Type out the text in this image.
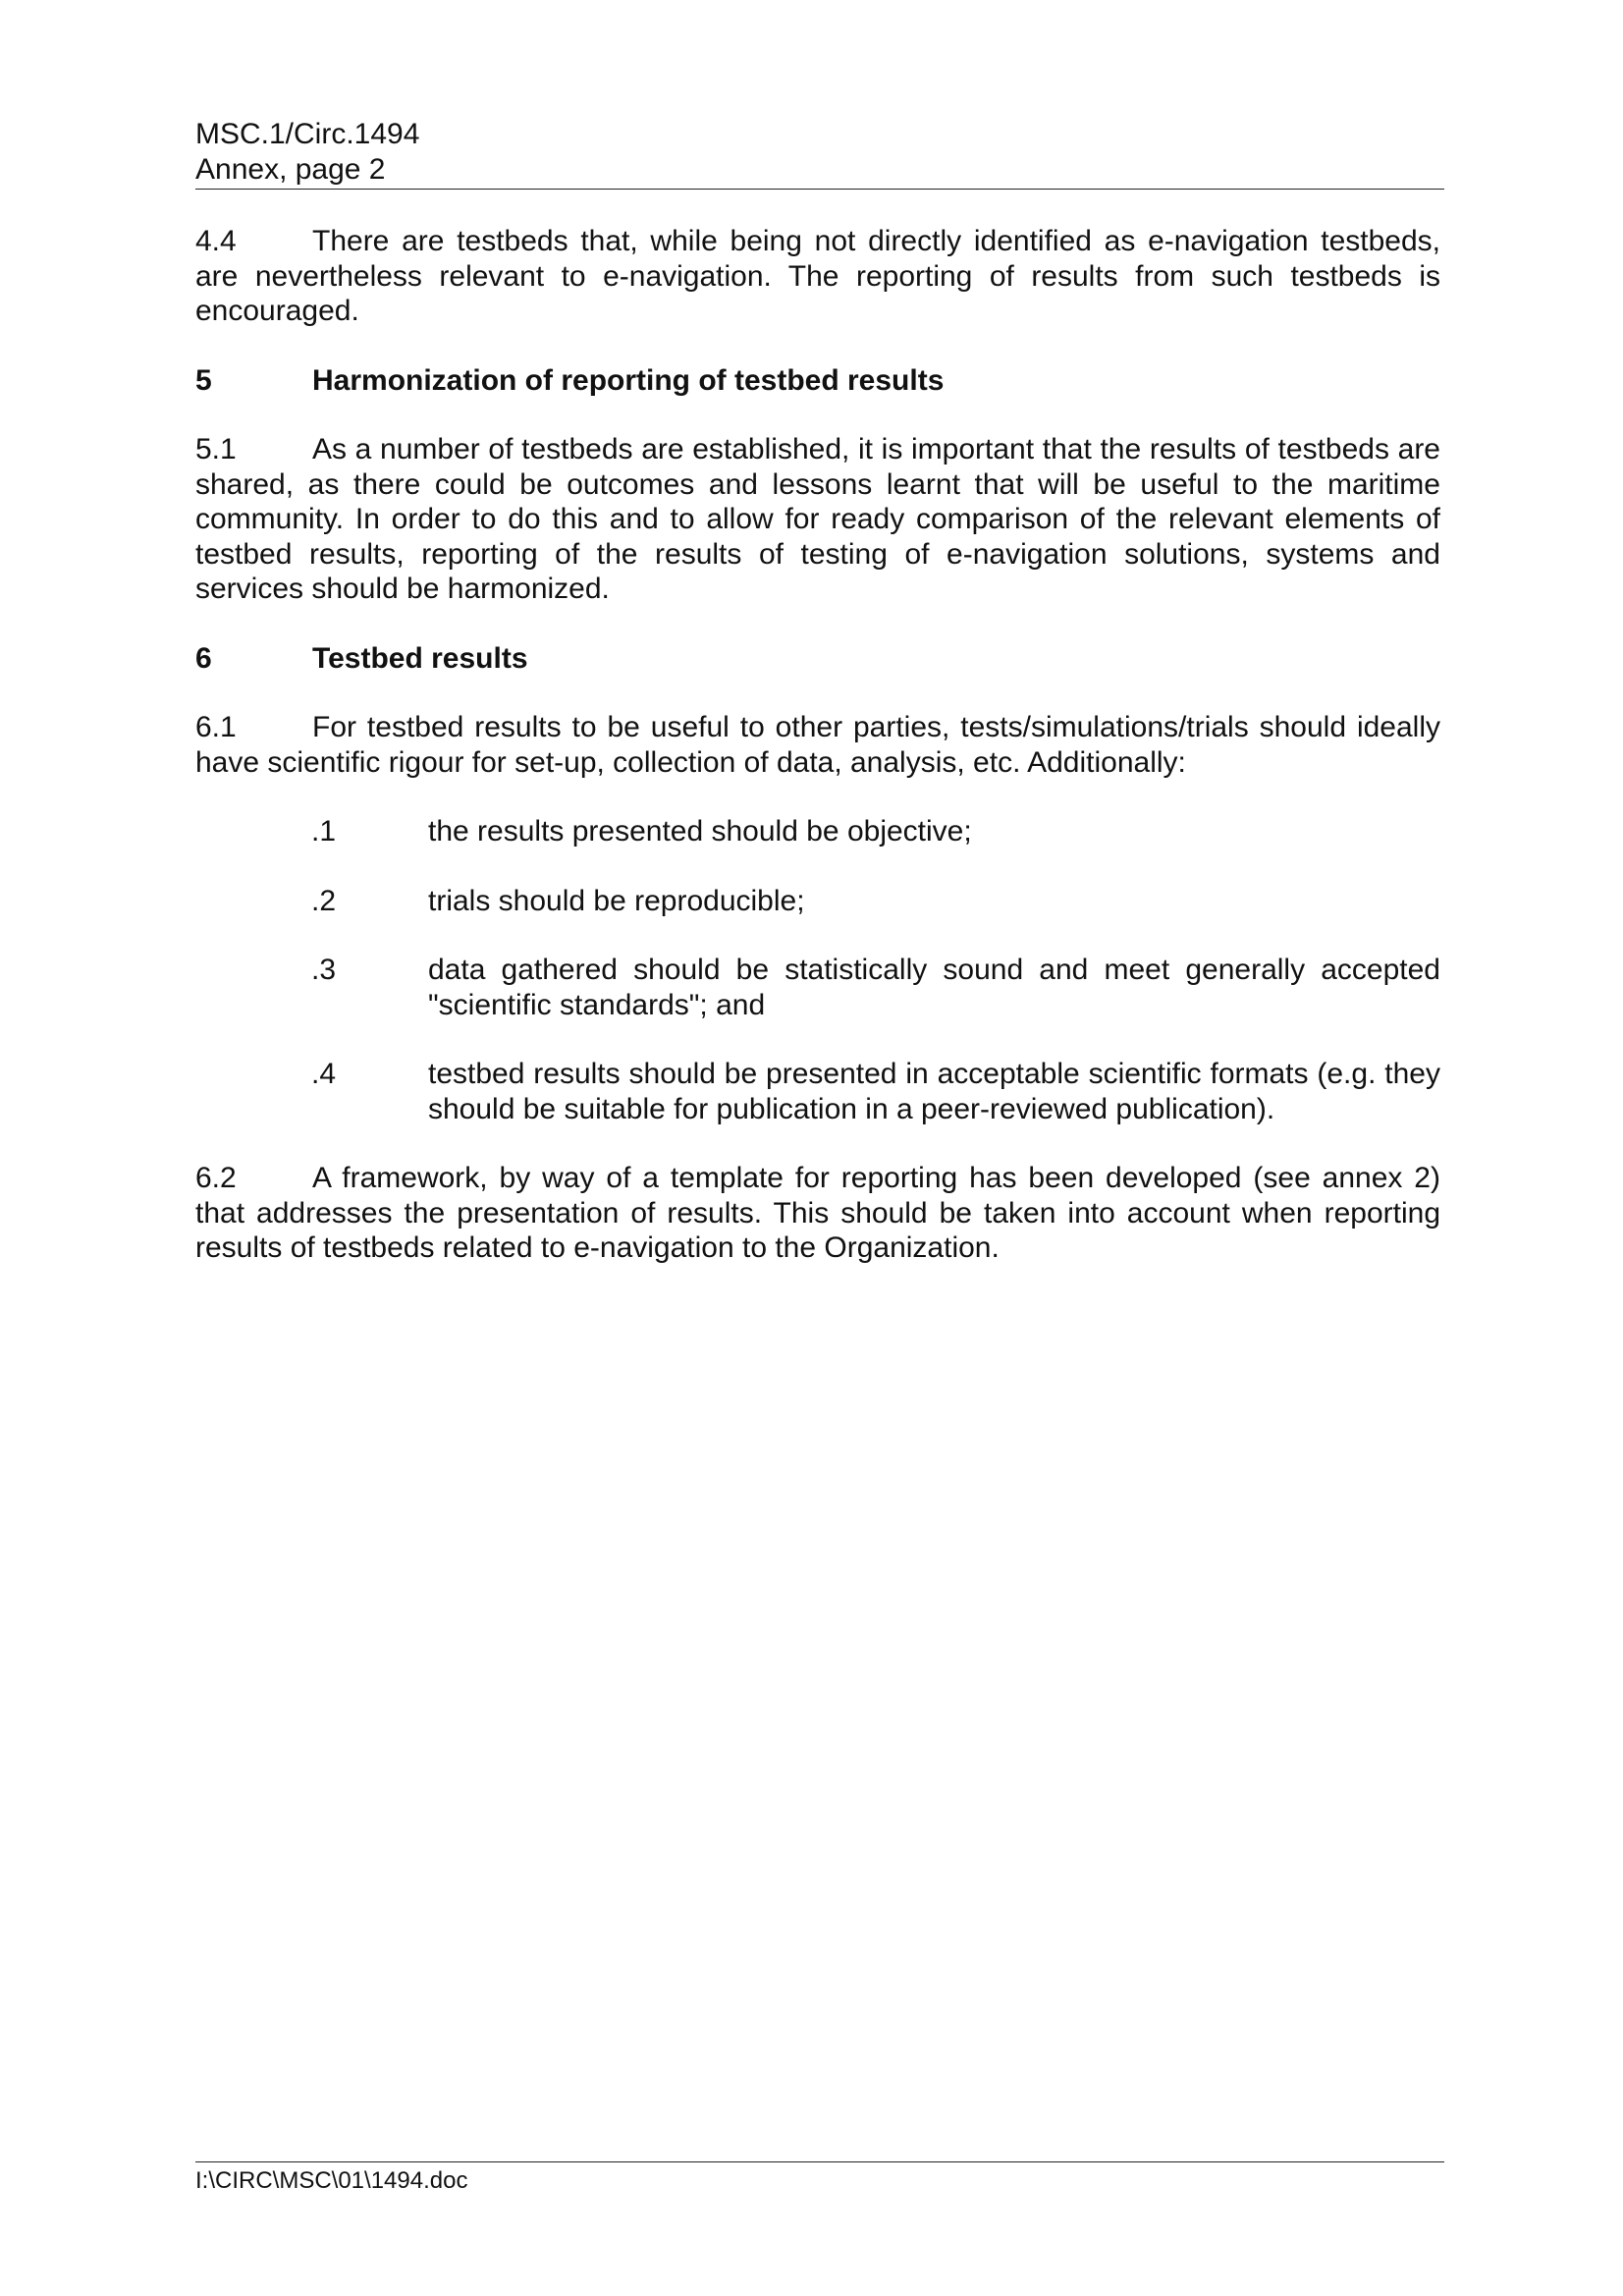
MSC.1/Circ.1494
Annex, page 2

4.4	There are testbeds that, while being not directly identified as e-navigation testbeds, are nevertheless relevant to e-navigation. The reporting of results from such testbeds is encouraged.

5	Harmonization of reporting of testbed results

5.1	As a number of testbeds are established, it is important that the results of testbeds are shared, as there could be outcomes and lessons learnt that will be useful to the maritime community. In order to do this and to allow for ready comparison of the relevant elements of testbed results, reporting of the results of testing of e-navigation solutions, systems and services should be harmonized.

6	Testbed results

6.1	For testbed results to be useful to other parties, tests/simulations/trials should ideally have scientific rigour for set-up, collection of data, analysis, etc. Additionally:

.1	the results presented should be objective;
.2	trials should be reproducible;
.3	data gathered should be statistically sound and meet generally accepted "scientific standards"; and
.4	testbed results should be presented in acceptable scientific formats (e.g. they should be suitable for publication in a peer-reviewed publication).

6.2	A framework, by way of a template for reporting has been developed (see annex 2) that addresses the presentation of results. This should be taken into account when reporting results of testbeds related to e-navigation to the Organization.

I:\CIRC\MSC\01\1494.doc
